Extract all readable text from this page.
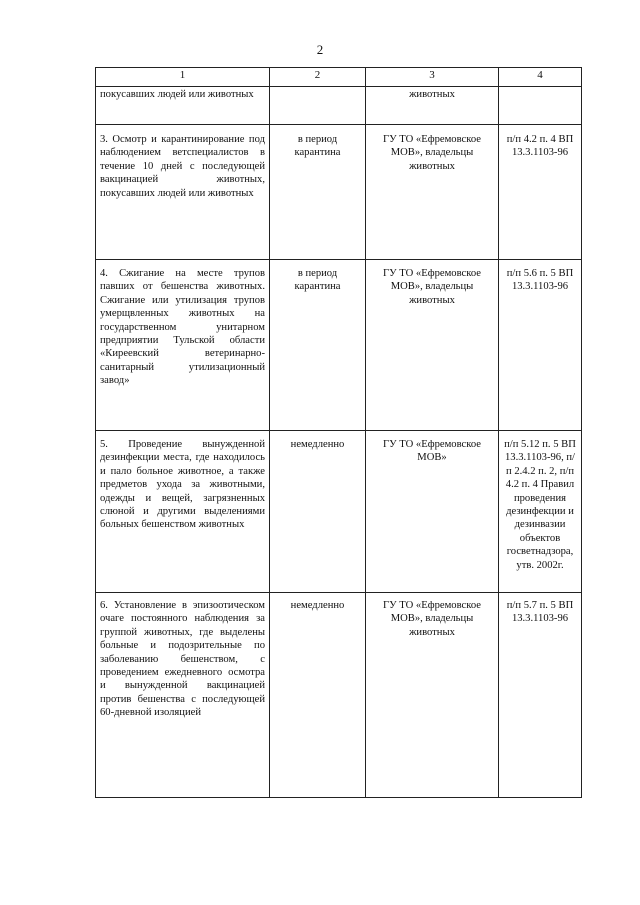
2
1	2	3	4
покусавших людей или животных		животных	
3. Осмотр и карантинирование под наблюдением ветспециалистов в течение 10 дней с последующей вакцинацией животных, покусавших людей или животных	в период карантина	ГУ ТО «Ефремовское МОВ», владельцы животных	п/п 4.2 п. 4 ВП 13.3.1103-96
4. Сжигание на месте трупов павших от бешенства животных. Сжигание или утилизация трупов умерщвленных животных на государственном унитарном предприятии Тульской области «Киреевский ветеринарно-санитарный утилизационный завод»	в период карантина	ГУ ТО «Ефремовское МОВ», владельцы животных	п/п 5.6 п. 5 ВП 13.3.1103-96
5. Проведение вынужденной дезинфекции места, где находилось и пало больное животное, а также предметов ухода за животными, одежды и вещей, загрязненных слюной и другими выделениями больных бешенством животных	немедленно	ГУ ТО «Ефремовское МОВ»	п/п 5.12 п. 5 ВП 13.3.1103-96, п/п 2.4.2 п. 2, п/п 4.2 п. 4 Правил проведения дезинфекции и дезинвазии объектов госветнадзора, утв. 2002г.
6. Установление в эпизоотическом очаге постоянного наблюдения за группой животных, где выделены больные и подозрительные по заболеванию бешенством, с проведением ежедневного осмотра и вынужденной вакцинацией против бешенства с последующей 60-дневной изоляцией	немедленно	ГУ ТО «Ефремовское МОВ», владельцы животных	п/п 5.7 п. 5 ВП 13.3.1103-96
